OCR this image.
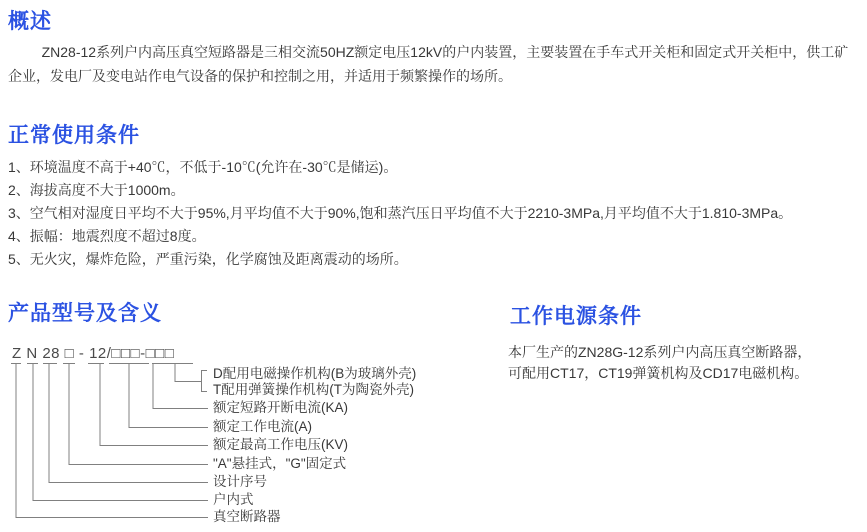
概述
ZN28-12系列户内高压真空短路器是三相交流50HZ额定电压12kV的户内装置，主要装置在手车式开关柜和固定式开关柜中，供工矿企业，发电厂及变电站作电气设备的保护和控制之用，并适用于频繁操作的场所。
正常使用条件
1、环境温度不高于+40℃，不低于-10℃(允许在-30℃是储运)。
2、海拔高度不大于1000m。
3、空气相对湿度日平均不大于95%,月平均值不大于90%,饱和蒸汽压日平均值不大于2210-3MPa,月平均值不大于1.810-3MPa。
4、振幅：地震烈度不超过8度。
5、无火灾，爆炸危险，严重污染，化学腐蚀及距离震动的场所。
产品型号及含义
Z N 28 □ - 12/□□□-□□□
D配用电磁操作机构(B为玻璃外壳)
T配用弹簧操作机构(T为陶瓷外壳)
额定短路开断电流(KA)
额定工作电流(A)
额定最高工作电压(KV)
"A"悬挂式，"G"固定式
设计序号
户内式
真空断路器
工作电源条件
本厂生产的ZN28G-12系列户内高压真空断路器，
可配用CT17，CT19弹簧机构及CD17电磁机构。
